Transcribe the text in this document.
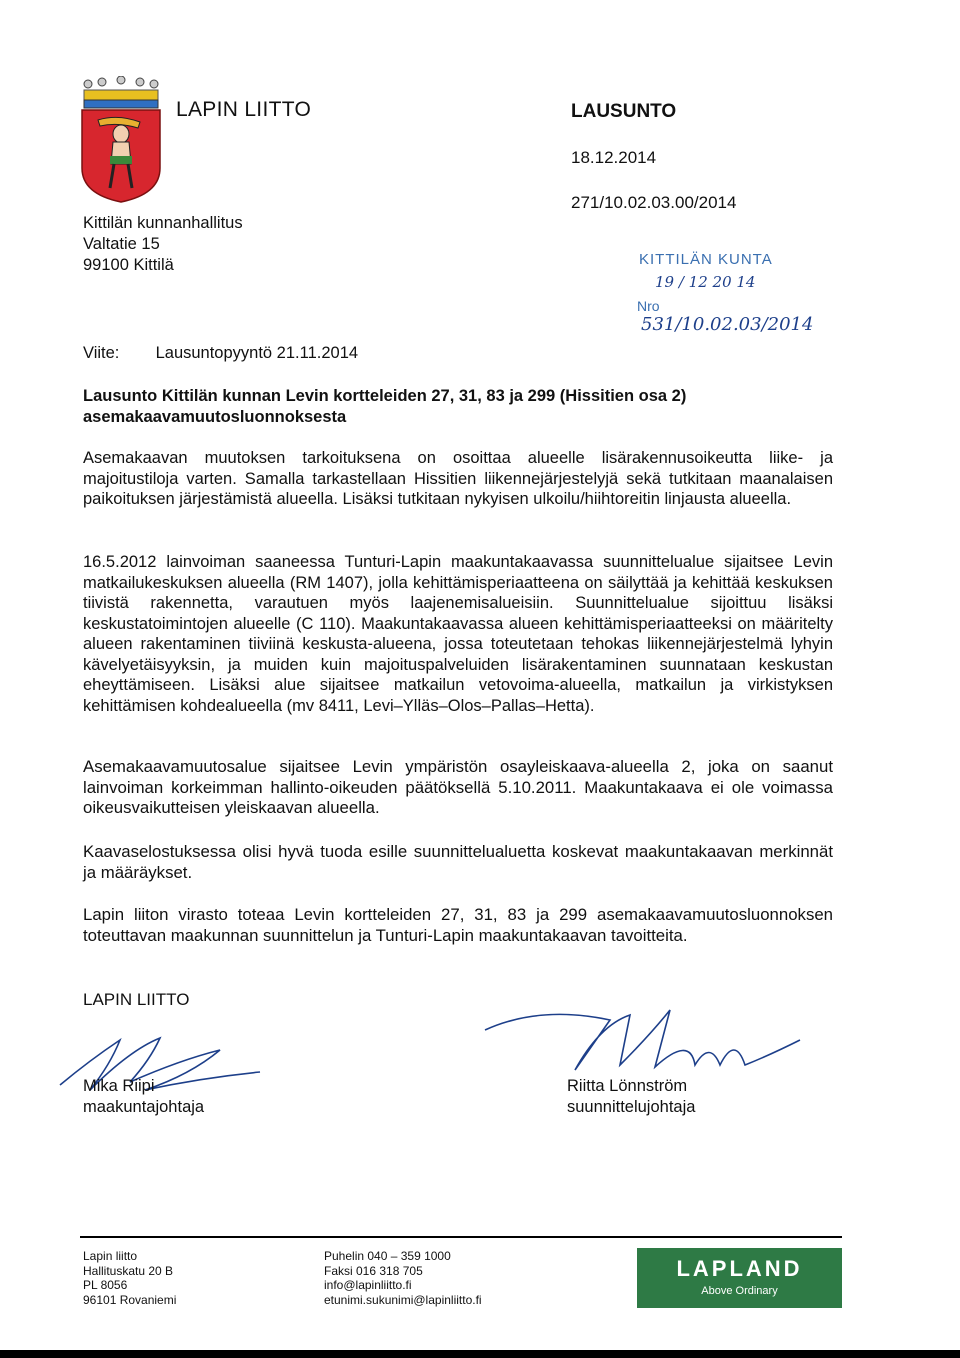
LAPIN LIITTO	LAUSUNTO
18.12.2014
271/10.02.03.00/2014
Kittilän kunnanhallitus
Valtatie 15
99100 Kittilä	KITTILÄN KUNTA
19 / 12 20 14
Nro 531/10.02.03/2014
Viite: Lausuntopyyntö 21.11.2014
Lausunto Kittilän kunnan Levin kortteleiden 27, 31, 83 ja 299 (Hissitien osa 2) asemakaavamuutosluonnoksesta
Asemakaavan muutoksen tarkoituksena on osoittaa alueelle lisärakennusoikeutta liike- ja majoitustiloja varten. Samalla tarkastellaan Hissitien liikennejärjestelyjä sekä tutkitaan maanalaisen paikoituksen järjestämistä alueella. Lisäksi tutkitaan nykyisen ulkoilu/hiihtoreitin linjausta alueella.
16.5.2012 lainvoiman saaneessa Tunturi-Lapin maakuntakaavassa suunnittelualue sijaitsee Levin matkailukeskuksen alueella (RM 1407), jolla kehittämisperiaatteena on säilyttää ja kehittää keskuksen tiivistä rakennetta, varautuen myös laajenemisalueisiin. Suunnittelualue sijoittuu lisäksi keskustatoimintojen alueelle (C 110). Maakuntakaavassa alueen kehittämisperiaatteeksi on määritelty alueen rakentaminen tiiviinä keskusta-alueena, jossa toteutetaan tehokas liikennejärjestelmä lyhyin kävelyetäisyyksin, ja muiden kuin majoituspalveluiden lisärakentaminen suunnataan keskustan eheyttämiseen. Lisäksi alue sijaitsee matkailun vetovoima-alueella, matkailun ja virkistyksen kehittämisen kohdealueella (mv 8411, Levi–Ylläs–Olos–Pallas–Hetta).
Asemakaavamuutosalue sijaitsee Levin ympäristön osayleiskaava-alueella 2, joka on saanut lainvoiman korkeimman hallinto-oikeuden päätöksellä 5.10.2011. Maakuntakaava ei ole voimassa oikeusvaikutteisen yleiskaavan alueella.
Kaavaselostuksessa olisi hyvä tuoda esille suunnittelualuetta koskevat maakuntakaavan merkinnät ja määräykset.
Lapin liiton virasto toteaa Levin kortteleiden 27, 31, 83 ja 299 asemakaavamuutosluonnoksen toteuttavan maakunnan suunnittelun ja Tunturi-Lapin maakuntakaavan tavoitteita.
LAPIN LIITTO
Mika Riipi
maakuntajohtaja
Riitta Lönnström
suunnittelujohtaja
Lapin liitto
Hallituskatu 20 B
PL 8056
96101 Rovaniemi
Puhelin 040 – 359 1000
Faksi 016 318 705
info@lapinliitto.fi
etunimi.sukunimi@lapinliitto.fi
LAPLAND
Above Ordinary
